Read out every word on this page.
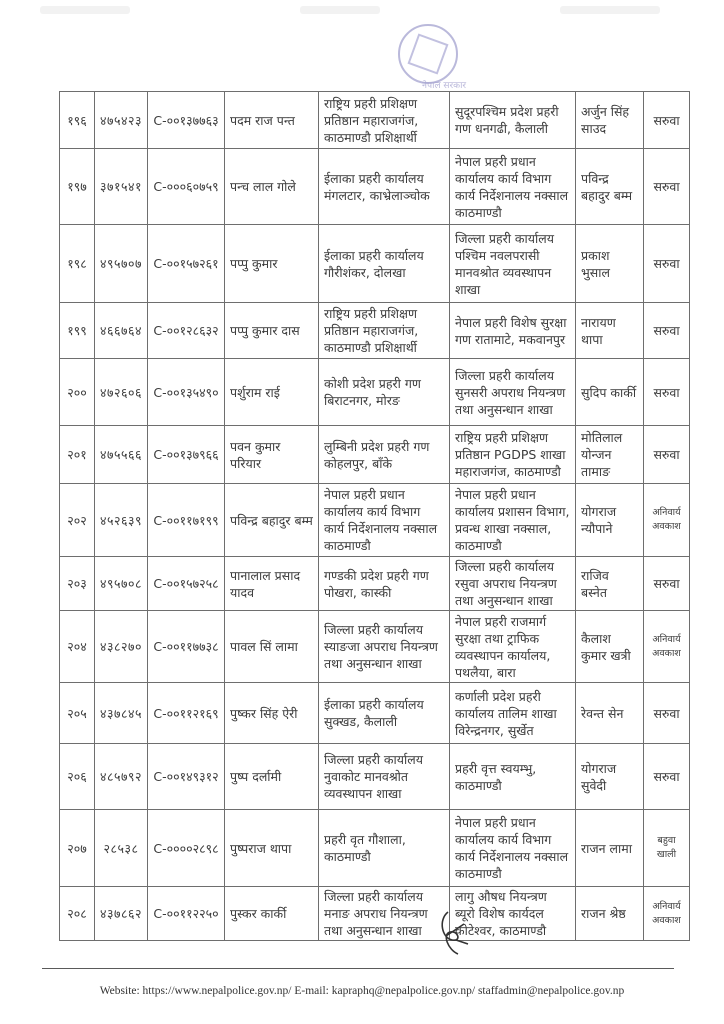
नेपाल सरकार
१९६	४७५४२३	C-००१३७७६३	पदम राज पन्त	राष्ट्रिय प्रहरी प्रशिक्षण प्रतिष्ठान महाराजगंज, काठमाण्डौ प्रशिक्षार्थी	सुदूरपश्चिम प्रदेश प्रहरी गण धनगढी, कैलाली	अर्जुन सिंह साउद	सरुवा
१९७	३७१५४१	C-०००६०७५९	पन्च लाल गोले	ईलाका प्रहरी कार्यालय मंगलटार, काभ्रेलाञ्चोक	नेपाल प्रहरी प्रधान कार्यालय कार्य विभाग कार्य निर्देशनालय नक्साल काठमाण्डौ	पविन्द्र बहादुर बम्म	सरुवा
१९८	४९५७०७	C-००१५७२६१	पप्पु कुमार	ईलाका प्रहरी कार्यालय गौरीशंकर, दोलखा	जिल्ला प्रहरी कार्यालय पश्चिम नवलपरासी मानवश्रोत व्यवस्थापन शाखा	प्रकाश भुसाल	सरुवा
१९९	४६६७६४	C-००१२८६३२	पप्पु कुमार दास	राष्ट्रिय प्रहरी प्रशिक्षण प्रतिष्ठान महाराजगंज, काठमाण्डौ प्रशिक्षार्थी	नेपाल प्रहरी विशेष सुरक्षा गण रातामाटे, मकवानपुर	नारायण थापा	सरुवा
२००	४७२६०६	C-००१३५४९०	पर्शुराम राई	कोशी प्रदेश प्रहरी गण बिराटनगर, मोरङ	जिल्ला प्रहरी कार्यालय सुनसरी अपराध नियन्त्रण तथा अनुसन्धान शाखा	सुदिप कार्की	सरुवा
२०१	४७५५६६	C-००१३७९६६	पवन कुमार परियार	लुम्बिनी प्रदेश प्रहरी गण कोहलपुर, बाँके	राष्ट्रिय प्रहरी प्रशिक्षण प्रतिष्ठान PGDPS शाखा महाराजगंज, काठमाण्डौ	मोतिलाल योन्जन तामाङ	सरुवा
२०२	४५२६३९	C-००११७१९९	पविन्द्र बहादुर बम्म	नेपाल प्रहरी प्रधान कार्यालय कार्य विभाग कार्य निर्देशनालय नक्साल काठमाण्डौ	नेपाल प्रहरी प्रधान कार्यालय प्रशासन विभाग, प्रवन्ध शाखा नक्साल, काठमाण्डौ	योगराज न्यौपाने	अनिवार्य अवकाश
२०३	४९५७०८	C-००१५७२५८	पानालाल प्रसाद यादव	गण्डकी प्रदेश प्रहरी गण पोखरा, कास्की	जिल्ला प्रहरी कार्यालय रसुवा अपराध नियन्त्रण तथा अनुसन्धान शाखा	राजिव बस्नेत	सरुवा
२०४	४३८२७०	C-००११७७३८	पावल सिं लामा	जिल्ला प्रहरी कार्यालय स्याङजा अपराध नियन्त्रण तथा अनुसन्धान शाखा	नेपाल प्रहरी राजमार्ग सुरक्षा तथा ट्राफिक व्यवस्थापन कार्यालय, पथलैया, बारा	कैलाश कुमार खत्री	अनिवार्य अवकाश
२०५	४३७८४५	C-००११२१६९	पुष्कर सिंह ऐरी	ईलाका प्रहरी कार्यालय सुक्खड, कैलाली	कर्णाली प्रदेश प्रहरी कार्यालय तालिम शाखा विरेन्द्रनगर, सुर्खेत	रेवन्त सेन	सरुवा
२०६	४८५७९२	C-००१४९३१२	पुष्प दर्लामी	जिल्ला प्रहरी कार्यालय नुवाकोट मानवश्रोत व्यवस्थापन शाखा	प्रहरी वृत्त स्वयम्भु, काठमाण्डौ	योगराज सुवेदी	सरुवा
२०७	२८५३८	C-००००२८९८	पुष्पराज थापा	प्रहरी वृत गौशाला, काठमाण्डौ	नेपाल प्रहरी प्रधान कार्यालय कार्य विभाग कार्य निर्देशनालय नक्साल काठमाण्डौ	राजन लामा	बहुवा खाली
२०८	४३७८६२	C-००११२२५०	पुस्कर कार्की	जिल्ला प्रहरी कार्यालय मनाङ अपराध नियन्त्रण तथा अनुसन्धान शाखा	लागु औषध नियन्त्रण ब्यूरो विशेष कार्यदल कोटेश्वर, काठमाण्डौ	राजन श्रेष्ठ	अनिवार्य अवकाश
Website: https://www.nepalpolice.gov.np/ E-mail: kapraphq@nepalpolice.gov.np/ staffadmin@nepalpolice.gov.np
